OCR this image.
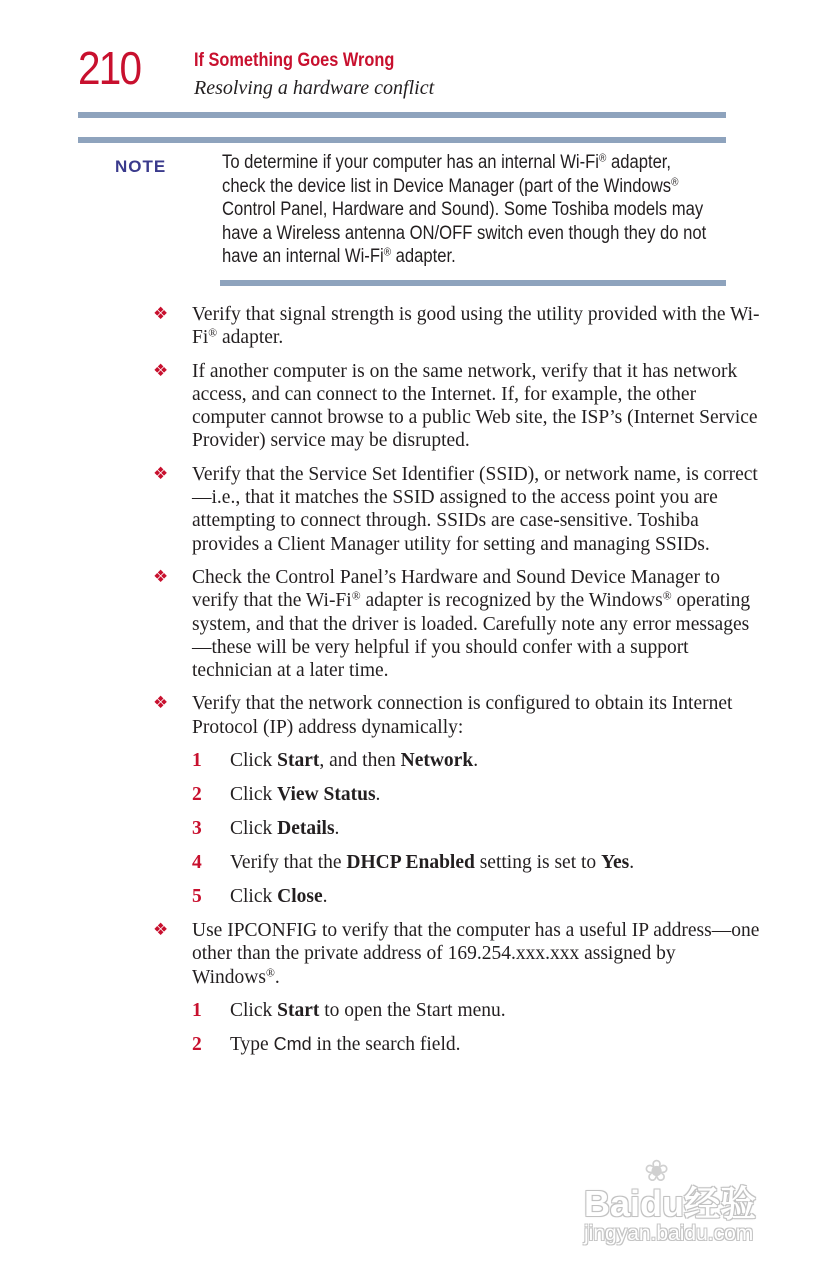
210	If Something Goes Wrong
Resolving a hardware conflict
NOTE	To determine if your computer has an internal Wi-Fi® adapter, check the device list in Device Manager (part of the Windows® Control Panel, Hardware and Sound). Some Toshiba models may have a Wireless antenna ON/OFF switch even though they do not have an internal Wi-Fi® adapter.

❖ Verify that signal strength is good using the utility provided with the Wi-Fi® adapter.
❖ If another computer is on the same network, verify that it has network access, and can connect to the Internet. If, for example, the other computer cannot browse to a public Web site, the ISP’s (Internet Service Provider) service may be disrupted.
❖ Verify that the Service Set Identifier (SSID), or network name, is correct—i.e., that it matches the SSID assigned to the access point you are attempting to connect through. SSIDs are case-sensitive. Toshiba provides a Client Manager utility for setting and managing SSIDs.
❖ Check the Control Panel’s Hardware and Sound Device Manager to verify that the Wi-Fi® adapter is recognized by the Windows® operating system, and that the driver is loaded. Carefully note any error messages—these will be very helpful if you should confer with a support technician at a later time.
❖ Verify that the network connection is configured to obtain its Internet Protocol (IP) address dynamically:
1 Click Start, and then Network.
2 Click View Status.
3 Click Details.
4 Verify that the DHCP Enabled setting is set to Yes.
5 Click Close.
❖ Use IPCONFIG to verify that the computer has a useful IP address—one other than the private address of 169.254.xxx.xxx assigned by Windows®.
1 Click Start to open the Start menu.
2 Type Cmd in the search field.
❀
Baidu经验
jingyan.baidu.com
